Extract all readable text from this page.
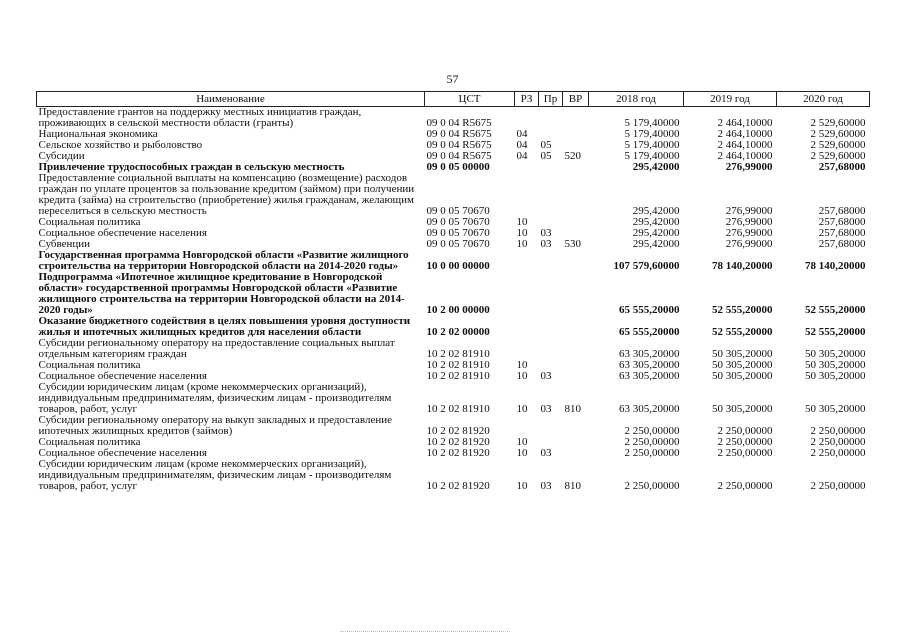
57
Наименование	ЦСТ	РЗ	Пр	ВР	2018 год	2019 год	2020 год
Предоставление грантов на поддержку местных инициатив граждан, проживающих в сельской местности области (гранты)	09 0 04 R5675				5 179,40000	2 464,10000	2 529,60000
Национальная экономика	09 0 04 R5675	04			5 179,40000	2 464,10000	2 529,60000
Сельское хозяйство и рыболовство	09 0 04 R5675	04	05		5 179,40000	2 464,10000	2 529,60000
Субсидии	09 0 04 R5675	04	05	520	5 179,40000	2 464,10000	2 529,60000
Привлечение трудоспособных граждан в сельскую местность	09 0 05 00000				295,42000	276,99000	257,68000
Предоставление социальной выплаты на компенсацию (возмещение) расходов граждан по уплате процентов за пользование кредитом (займом) при получении кредита (займа) на строительство (приобретение) жилья гражданам, желающим переселиться в сельскую местность	09 0 05 70670				295,42000	276,99000	257,68000
Социальная политика	09 0 05 70670	10			295,42000	276,99000	257,68000
Социальное обеспечение населения	09 0 05 70670	10	03		295,42000	276,99000	257,68000
Субвенции	09 0 05 70670	10	03	530	295,42000	276,99000	257,68000
Государственная программа Новгородской области «Развитие жилищного строительства на территории Новгородской области на 2014-2020 годы»	10 0 00 00000				107 579,60000	78 140,20000	78 140,20000
Подпрограмма «Ипотечное жилищное кредитование в Новгородской области» государственной программы Новгородской области «Развитие жилищного строительства на территории Новгородской области на 2014-2020 годы»	10 2 00 00000				65 555,20000	52 555,20000	52 555,20000
Оказание бюджетного содействия в целях повышения уровня доступности жилья и ипотечных жилищных кредитов для населения области	10 2 02 00000				65 555,20000	52 555,20000	52 555,20000
Субсидии региональному оператору на предоставление социальных выплат отдельным категориям граждан	10 2 02 81910				63 305,20000	50 305,20000	50 305,20000
Социальная политика	10 2 02 81910	10			63 305,20000	50 305,20000	50 305,20000
Социальное обеспечение населения	10 2 02 81910	10	03		63 305,20000	50 305,20000	50 305,20000
Субсидии юридическим лицам (кроме некоммерческих организаций), индивидуальным предпринимателям, физическим лицам - производителям товаров, работ, услуг	10 2 02 81910	10	03	810	63 305,20000	50 305,20000	50 305,20000
Субсидии региональному оператору на выкуп закладных и предоставление ипотечных жилищных кредитов (займов)	10 2 02 81920				2 250,00000	2 250,00000	2 250,00000
Социальная политика	10 2 02 81920	10			2 250,00000	2 250,00000	2 250,00000
Социальное обеспечение населения	10 2 02 81920	10	03		2 250,00000	2 250,00000	2 250,00000
Субсидии юридическим лицам (кроме некоммерческих организаций), индивидуальным предпринимателям, физическим лицам - производителям товаров, работ, услуг	10 2 02 81920	10	03	810	2 250,00000	2 250,00000	2 250,00000
